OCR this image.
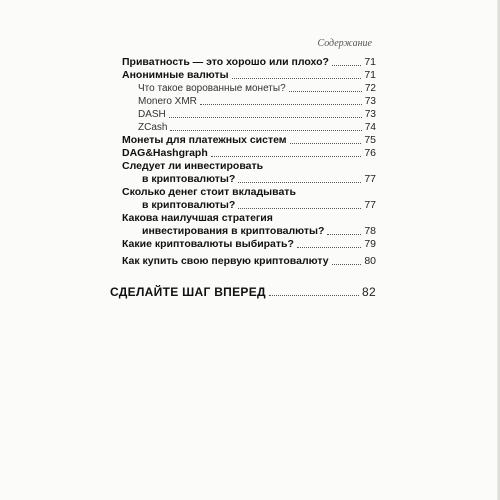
Содержание
Приватность — это хорошо или плохо?	71
Анонимные валюты	71
Что такое ворованные монеты?	72
Monero XMR	73
DASH	73
ZCash	74
Монеты для платежных систем	75
DAG&Hashgraph	76
Следует ли инвестировать
в криптовалюты?	77
Сколько денег стоит вкладывать
в криптовалюты?	77
Какова наилучшая стратегия
инвестирования в криптовалюты?	78
Какие криптовалюты выбирать?	79
Как купить свою первую криптовалюту	80
СДЕЛАЙТЕ ШАГ ВПЕРЕД	82
